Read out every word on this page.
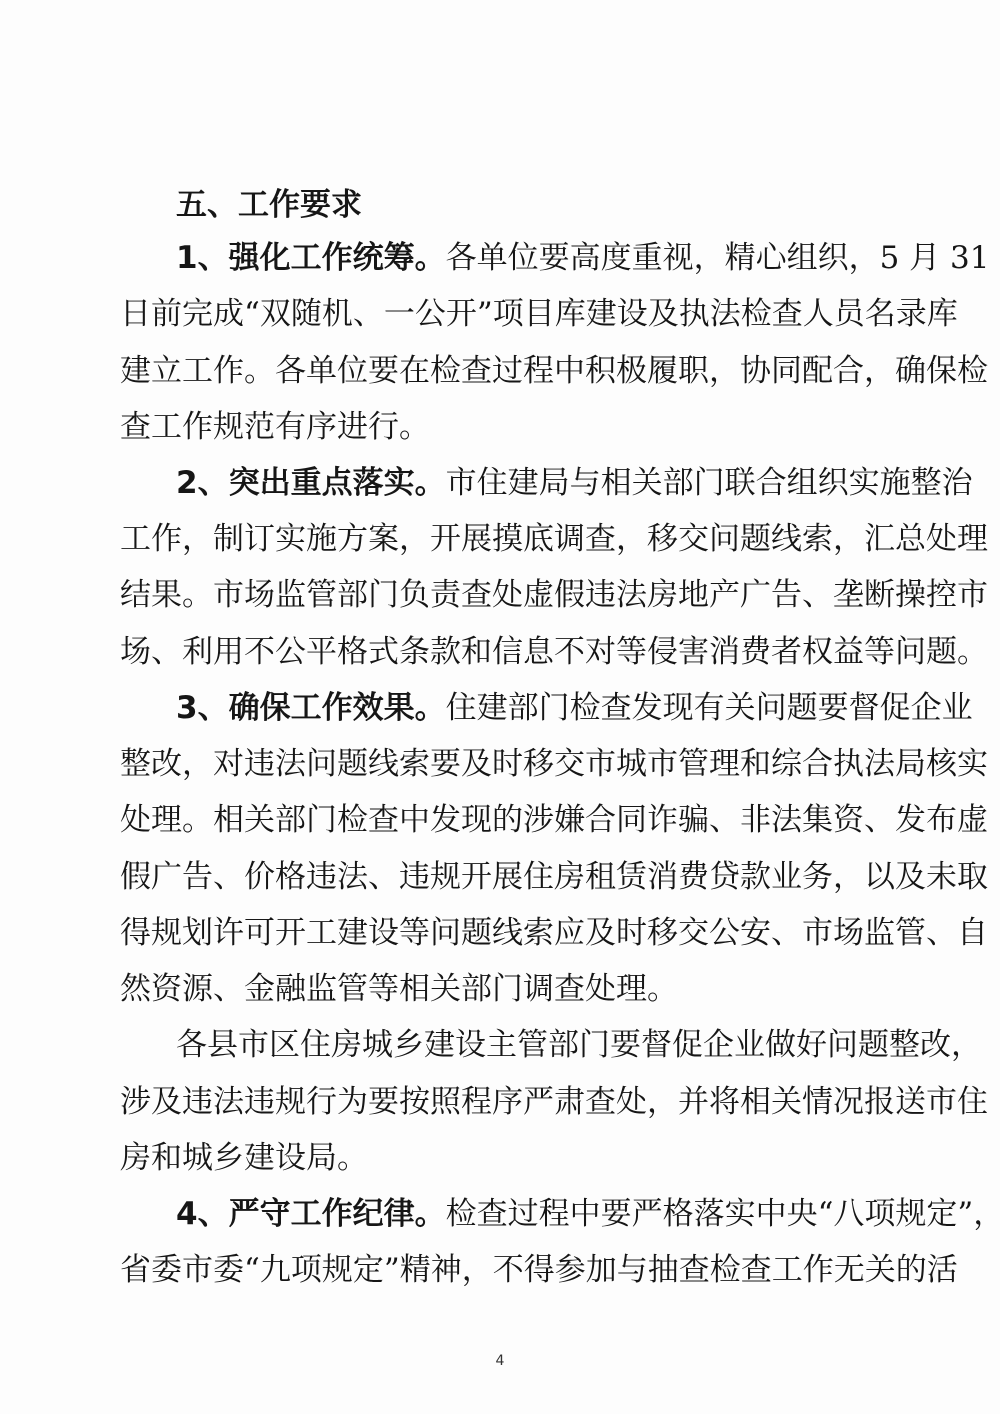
五、工作要求
1、强化工作统筹。各单位要高度重视，精心组织，5 月 31
日前完成“双随机、一公开”项目库建设及执法检查人员名录库
建立工作。各单位要在检查过程中积极履职，协同配合，确保检
查工作规范有序进行。
2、突出重点落实。市住建局与相关部门联合组织实施整治
工作，制订实施方案，开展摸底调查，移交问题线索，汇总处理
结果。市场监管部门负责查处虚假违法房地产广告、垄断操控市
场、利用不公平格式条款和信息不对等侵害消费者权益等问题。
3、确保工作效果。住建部门检查发现有关问题要督促企业
整改，对违法问题线索要及时移交市城市管理和综合执法局核实
处理。相关部门检查中发现的涉嫌合同诈骗、非法集资、发布虚
假广告、价格违法、违规开展住房租赁消费贷款业务，以及未取
得规划许可开工建设等问题线索应及时移交公安、市场监管、自
然资源、金融监管等相关部门调查处理。
各县市区住房城乡建设主管部门要督促企业做好问题整改，
涉及违法违规行为要按照程序严肃查处，并将相关情况报送市住
房和城乡建设局。
4、严守工作纪律。检查过程中要严格落实中央“八项规定”，
省委市委“九项规定”精神，不得参加与抽查检查工作无关的活
4
